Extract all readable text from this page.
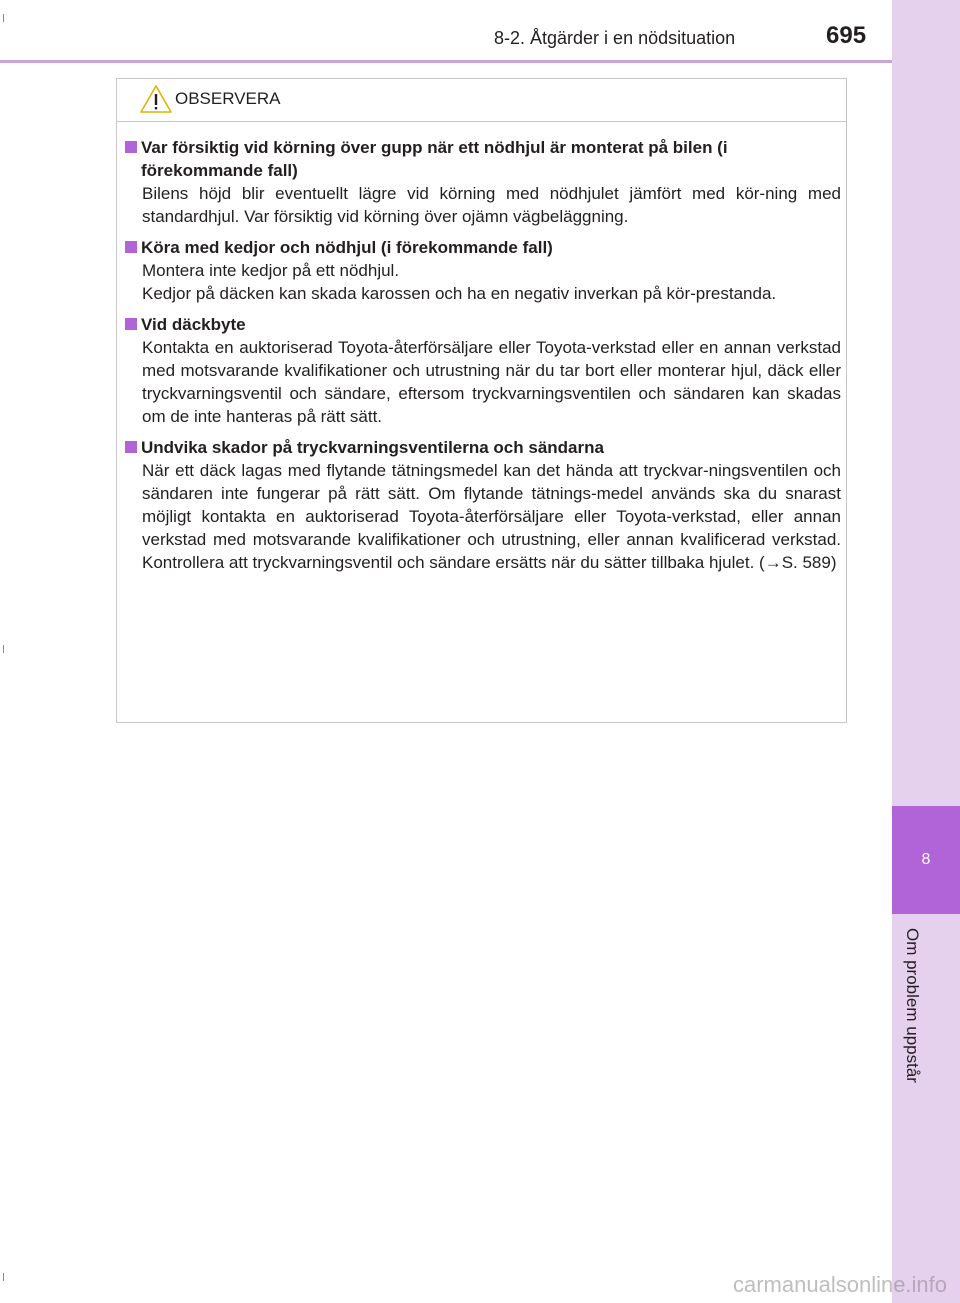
8-2. Åtgärder i en nödsituation	695
8
Om problem uppstår
OBSERVERA
Var försiktig vid körning över gupp när ett nödhjul är monterat på bilen (i förekommande fall)
Bilens höjd blir eventuellt lägre vid körning med nödhjulet jämfört med kör-ning med standardhjul. Var försiktig vid körning över ojämn vägbeläggning.
Köra med kedjor och nödhjul (i förekommande fall)
Montera inte kedjor på ett nödhjul.
Kedjor på däcken kan skada karossen och ha en negativ inverkan på kör-prestanda.
Vid däckbyte
Kontakta en auktoriserad Toyota-återförsäljare eller Toyota-verkstad eller en annan verkstad med motsvarande kvalifikationer och utrustning när du tar bort eller monterar hjul, däck eller tryckvarningsventil och sändare, eftersom tryckvarningsventilen och sändaren kan skadas om de inte hanteras på rätt sätt.
Undvika skador på tryckvarningsventilerna och sändarna
När ett däck lagas med flytande tätningsmedel kan det hända att tryckvar-ningsventilen och sändaren inte fungerar på rätt sätt. Om flytande tätnings-medel används ska du snarast möjligt kontakta en auktoriserad Toyota-återförsäljare eller Toyota-verkstad, eller annan verkstad med motsvarande kvalifikationer och utrustning, eller annan kvalificerad verkstad. Kontrollera att tryckvarningsventil och sändare ersätts när du sätter tillbaka hjulet. (→S. 589)
carmanualsonline.info
